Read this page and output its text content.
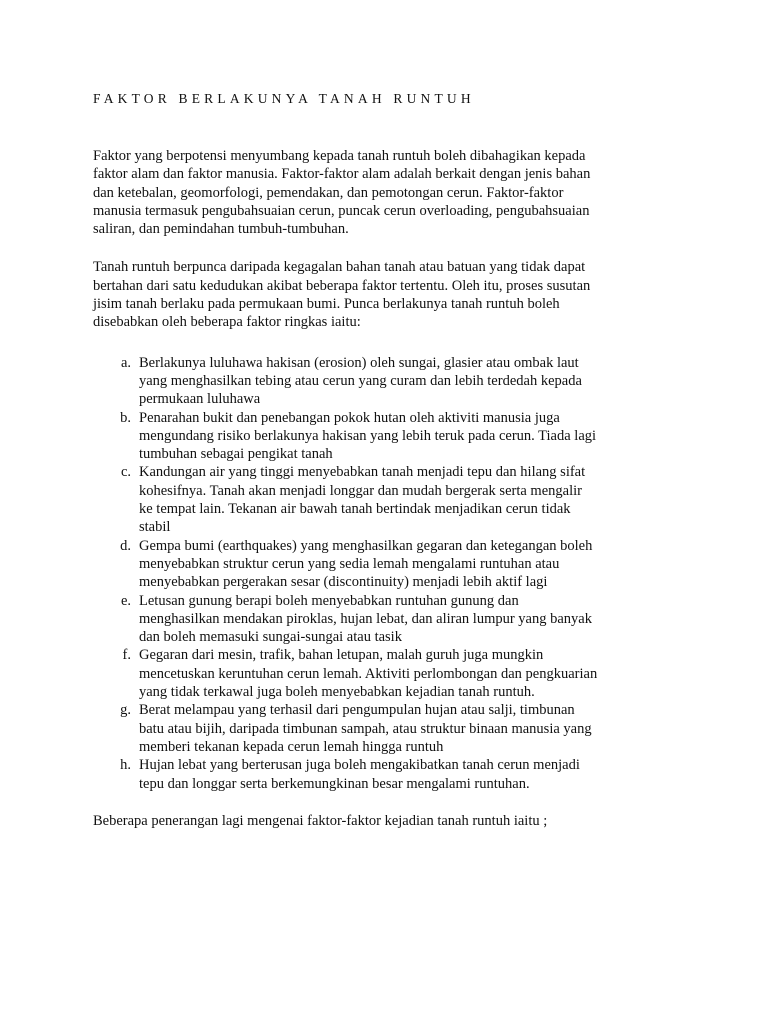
FAKTOR BERLAKUNYA TANAH RUNTUH

Faktor yang berpotensi menyumbang kepada tanah runtuh boleh dibahagikan kepada faktor alam dan faktor manusia. Faktor-faktor alam adalah berkait dengan jenis bahan dan ketebalan, geomorfologi, pemendakan, dan pemotongan cerun. Faktor-faktor manusia termasuk pengubahsuaian cerun, puncak cerun overloading, pengubahsuaian saliran, dan pemindahan tumbuh-tumbuhan.

Tanah runtuh berpunca daripada kegagalan bahan tanah atau batuan yang tidak dapat bertahan dari satu kedudukan akibat beberapa faktor tertentu. Oleh itu, proses susutan jisim tanah berlaku pada permukaan bumi. Punca berlakunya tanah runtuh boleh disebabkan oleh beberapa faktor ringkas iaitu:

a. Berlakunya luluhawa hakisan (erosion) oleh sungai, glasier atau ombak laut yang menghasilkan tebing atau cerun yang curam dan lebih terdedah kepada permukaan luluhawa
b. Penarahan bukit dan penebangan pokok hutan oleh aktiviti manusia juga mengundang risiko berlakunya hakisan yang lebih teruk pada cerun. Tiada lagi tumbuhan sebagai pengikat tanah
c. Kandungan air yang tinggi menyebabkan tanah menjadi tepu dan hilang sifat kohesifnya. Tanah akan menjadi longgar dan mudah bergerak serta mengalir ke tempat lain. Tekanan air bawah tanah bertindak menjadikan cerun tidak stabil
d. Gempa bumi (earthquakes) yang menghasilkan gegaran dan ketegangan boleh menyebabkan struktur cerun yang sedia lemah mengalami runtuhan atau menyebabkan pergerakan sesar (discontinuity) menjadi lebih aktif lagi
e. Letusan gunung berapi boleh menyebabkan runtuhan gunung dan menghasilkan mendakan piroklas, hujan lebat, dan aliran lumpur yang banyak dan boleh memasuki sungai-sungai atau tasik
f. Gegaran dari mesin, trafik, bahan letupan, malah guruh juga mungkin mencetuskan keruntuhan cerun lemah. Aktiviti perlombongan dan pengkuarian yang tidak terkawal juga boleh menyebabkan kejadian tanah runtuh.
g. Berat melampau yang terhasil dari pengumpulan hujan atau salji, timbunan batu atau bijih, daripada timbunan sampah, atau struktur binaan manusia yang memberi tekanan kepada cerun lemah hingga runtuh
h. Hujan lebat yang berterusan juga boleh mengakibatkan tanah cerun menjadi tepu dan longgar serta berkemungkinan besar mengalami runtuhan.

Beberapa penerangan lagi mengenai faktor-faktor kejadian tanah runtuh iaitu ;
